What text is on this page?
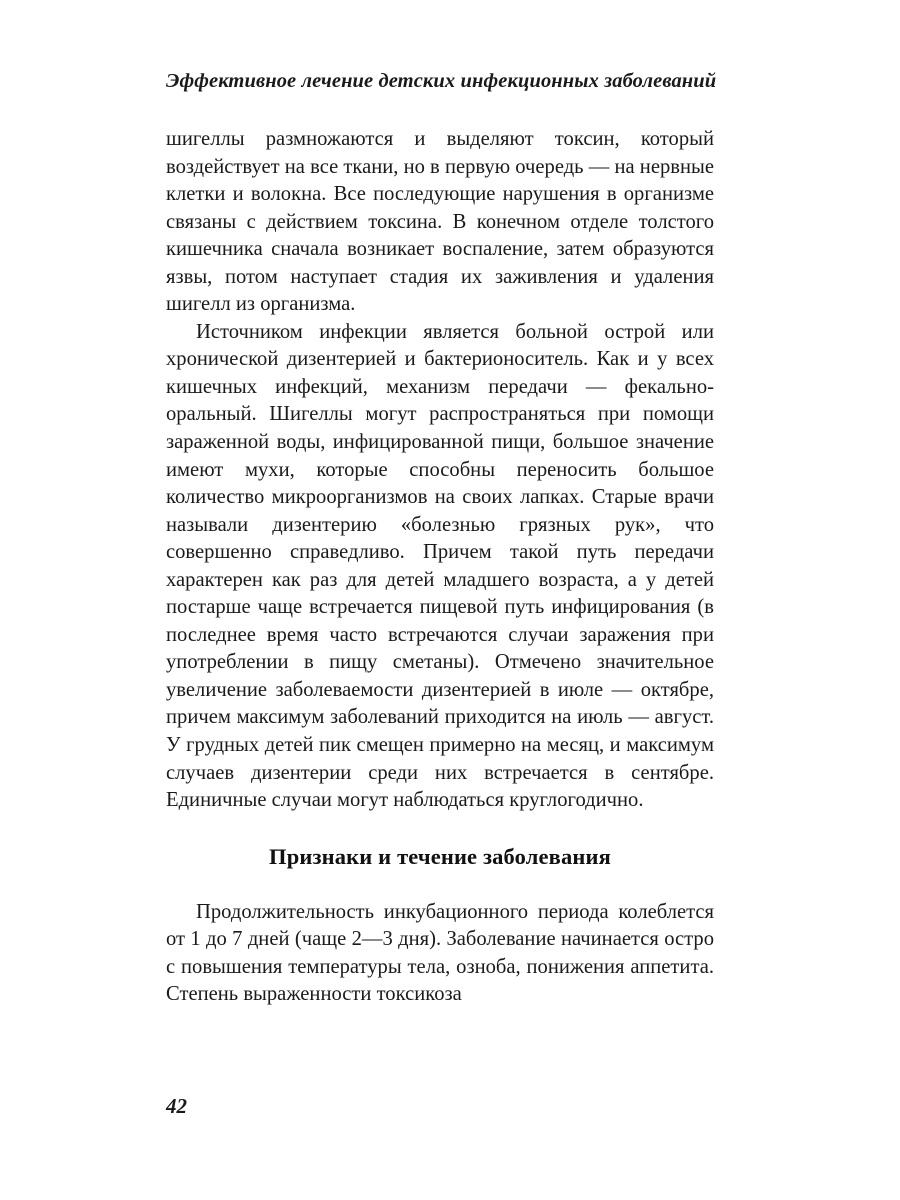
Эффективное лечение детских инфекционных заболеваний

шигеллы размножаются и выделяют токсин, который воздействует на все ткани, но в первую очередь — на нервные клетки и волокна. Все последующие нарушения в организме связаны с действием токсина. В конечном отделе толстого кишечника сначала возникает воспаление, затем образуются язвы, потом наступает стадия их заживления и удаления шигелл из организма.

Источником инфекции является больной острой или хронической дизентерией и бактерионоситель. Как и у всех кишечных инфекций, механизм передачи — фекально-оральный. Шигеллы могут распространяться при помощи зараженной воды, инфицированной пищи, большое значение имеют мухи, которые способны переносить большое количество микроорганизмов на своих лапках. Старые врачи называли дизентерию «болезнью грязных рук», что совершенно справедливо. Причем такой путь передачи характерен как раз для детей младшего возраста, а у детей постарше чаще встречается пищевой путь инфицирования (в последнее время часто встречаются случаи заражения при употреблении в пищу сметаны). Отмечено значительное увеличение заболеваемости дизентерией в июле — октябре, причем максимум заболеваний приходится на июль — август. У грудных детей пик смещен примерно на месяц, и максимум случаев дизентерии среди них встречается в сентябре. Единичные случаи могут наблюдаться круглогодично.

Признаки и течение заболевания

Продолжительность инкубационного периода колеблется от 1 до 7 дней (чаще 2—3 дня). Заболевание начинается остро с повышения температуры тела, озноба, понижения аппетита. Степень выраженности токсикоза

42
